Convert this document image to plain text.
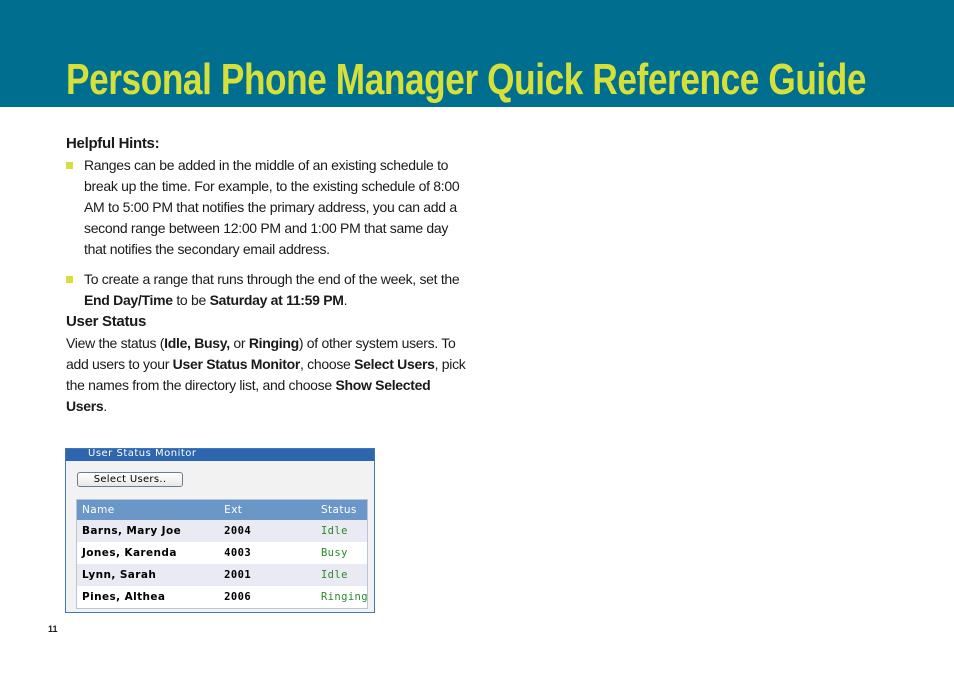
Personal Phone Manager Quick Reference Guide
Helpful Hints:
Ranges can be added in the middle of an existing schedule to break up the time. For example, to the existing schedule of 8:00 AM to 5:00 PM that notifies the primary address, you can add a second range between 12:00 PM and 1:00 PM that same day that notifies the secondary email address.
To create a range that runs through the end of the week, set the End Day/Time to be Saturday at 11:59 PM.
User Status

View the status (Idle, Busy, or Ringing) of other system users. To add users to your User Status Monitor, choose Select Users, pick the names from the directory list, and choose Show Selected Users.

User Status Monitor
Select Users..
Name	Ext	Status
Barns, Mary Joe	2004	Idle
Jones, Karenda	4003	Busy
Lynn, Sarah	2001	Idle
Pines, Althea	2006	Ringing
11
